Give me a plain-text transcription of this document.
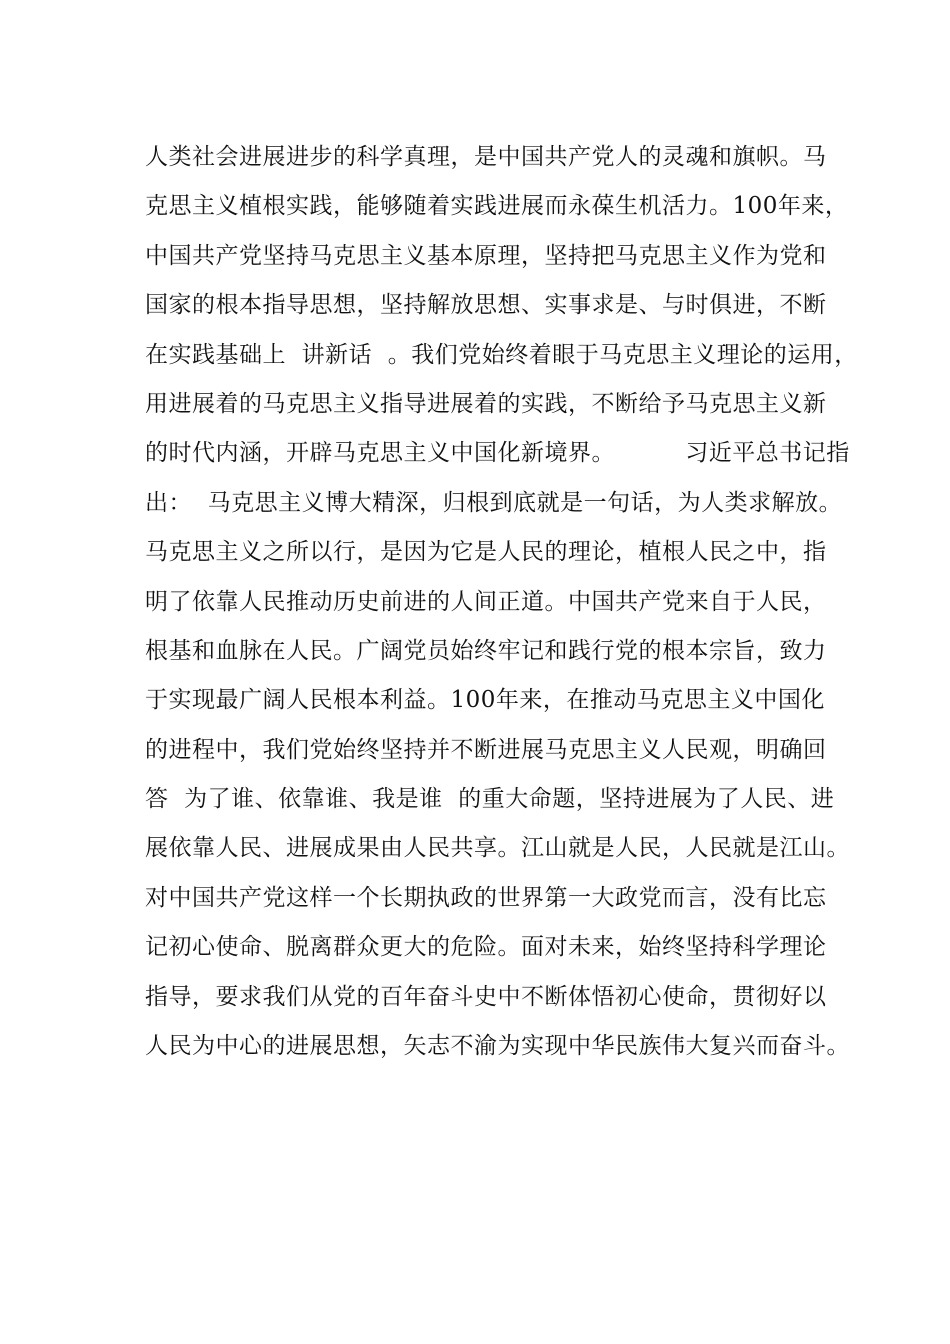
人类社会进展进步的科学真理，是中国共产党人的灵魂和旗帜。马
克思主义植根实践，能够随着实践进展而永葆生机活力。100年来，
中国共产党坚持马克思主义基本原理，坚持把马克思主义作为党和
国家的根本指导思想，坚持解放思想、实事求是、与时俱进，不断
在实践基础上  讲新话  。我们党始终着眼于马克思主义理论的运用，
用进展着的马克思主义指导进展着的实践，不断给予马克思主义新
的时代内涵，开辟马克思主义中国化新境界。         习近平总书记指
出：  马克思主义博大精深，归根到底就是一句话，为人类求解放。
马克思主义之所以行，是因为它是人民的理论，植根人民之中，指
明了依靠人民推动历史前进的人间正道。中国共产党来自于人民，
根基和血脉在人民。广阔党员始终牢记和践行党的根本宗旨，致力
于实现最广阔人民根本利益。100年来，在推动马克思主义中国化
的进程中，我们党始终坚持并不断进展马克思主义人民观，明确回
答  为了谁、依靠谁、我是谁  的重大命题，坚持进展为了人民、进
展依靠人民、进展成果由人民共享。江山就是人民，人民就是江山。
对中国共产党这样一个长期执政的世界第一大政党而言，没有比忘
记初心使命、脱离群众更大的危险。面对未来，始终坚持科学理论
指导，要求我们从党的百年奋斗史中不断体悟初心使命，贯彻好以
人民为中心的进展思想，矢志不渝为实现中华民族伟大复兴而奋斗。
